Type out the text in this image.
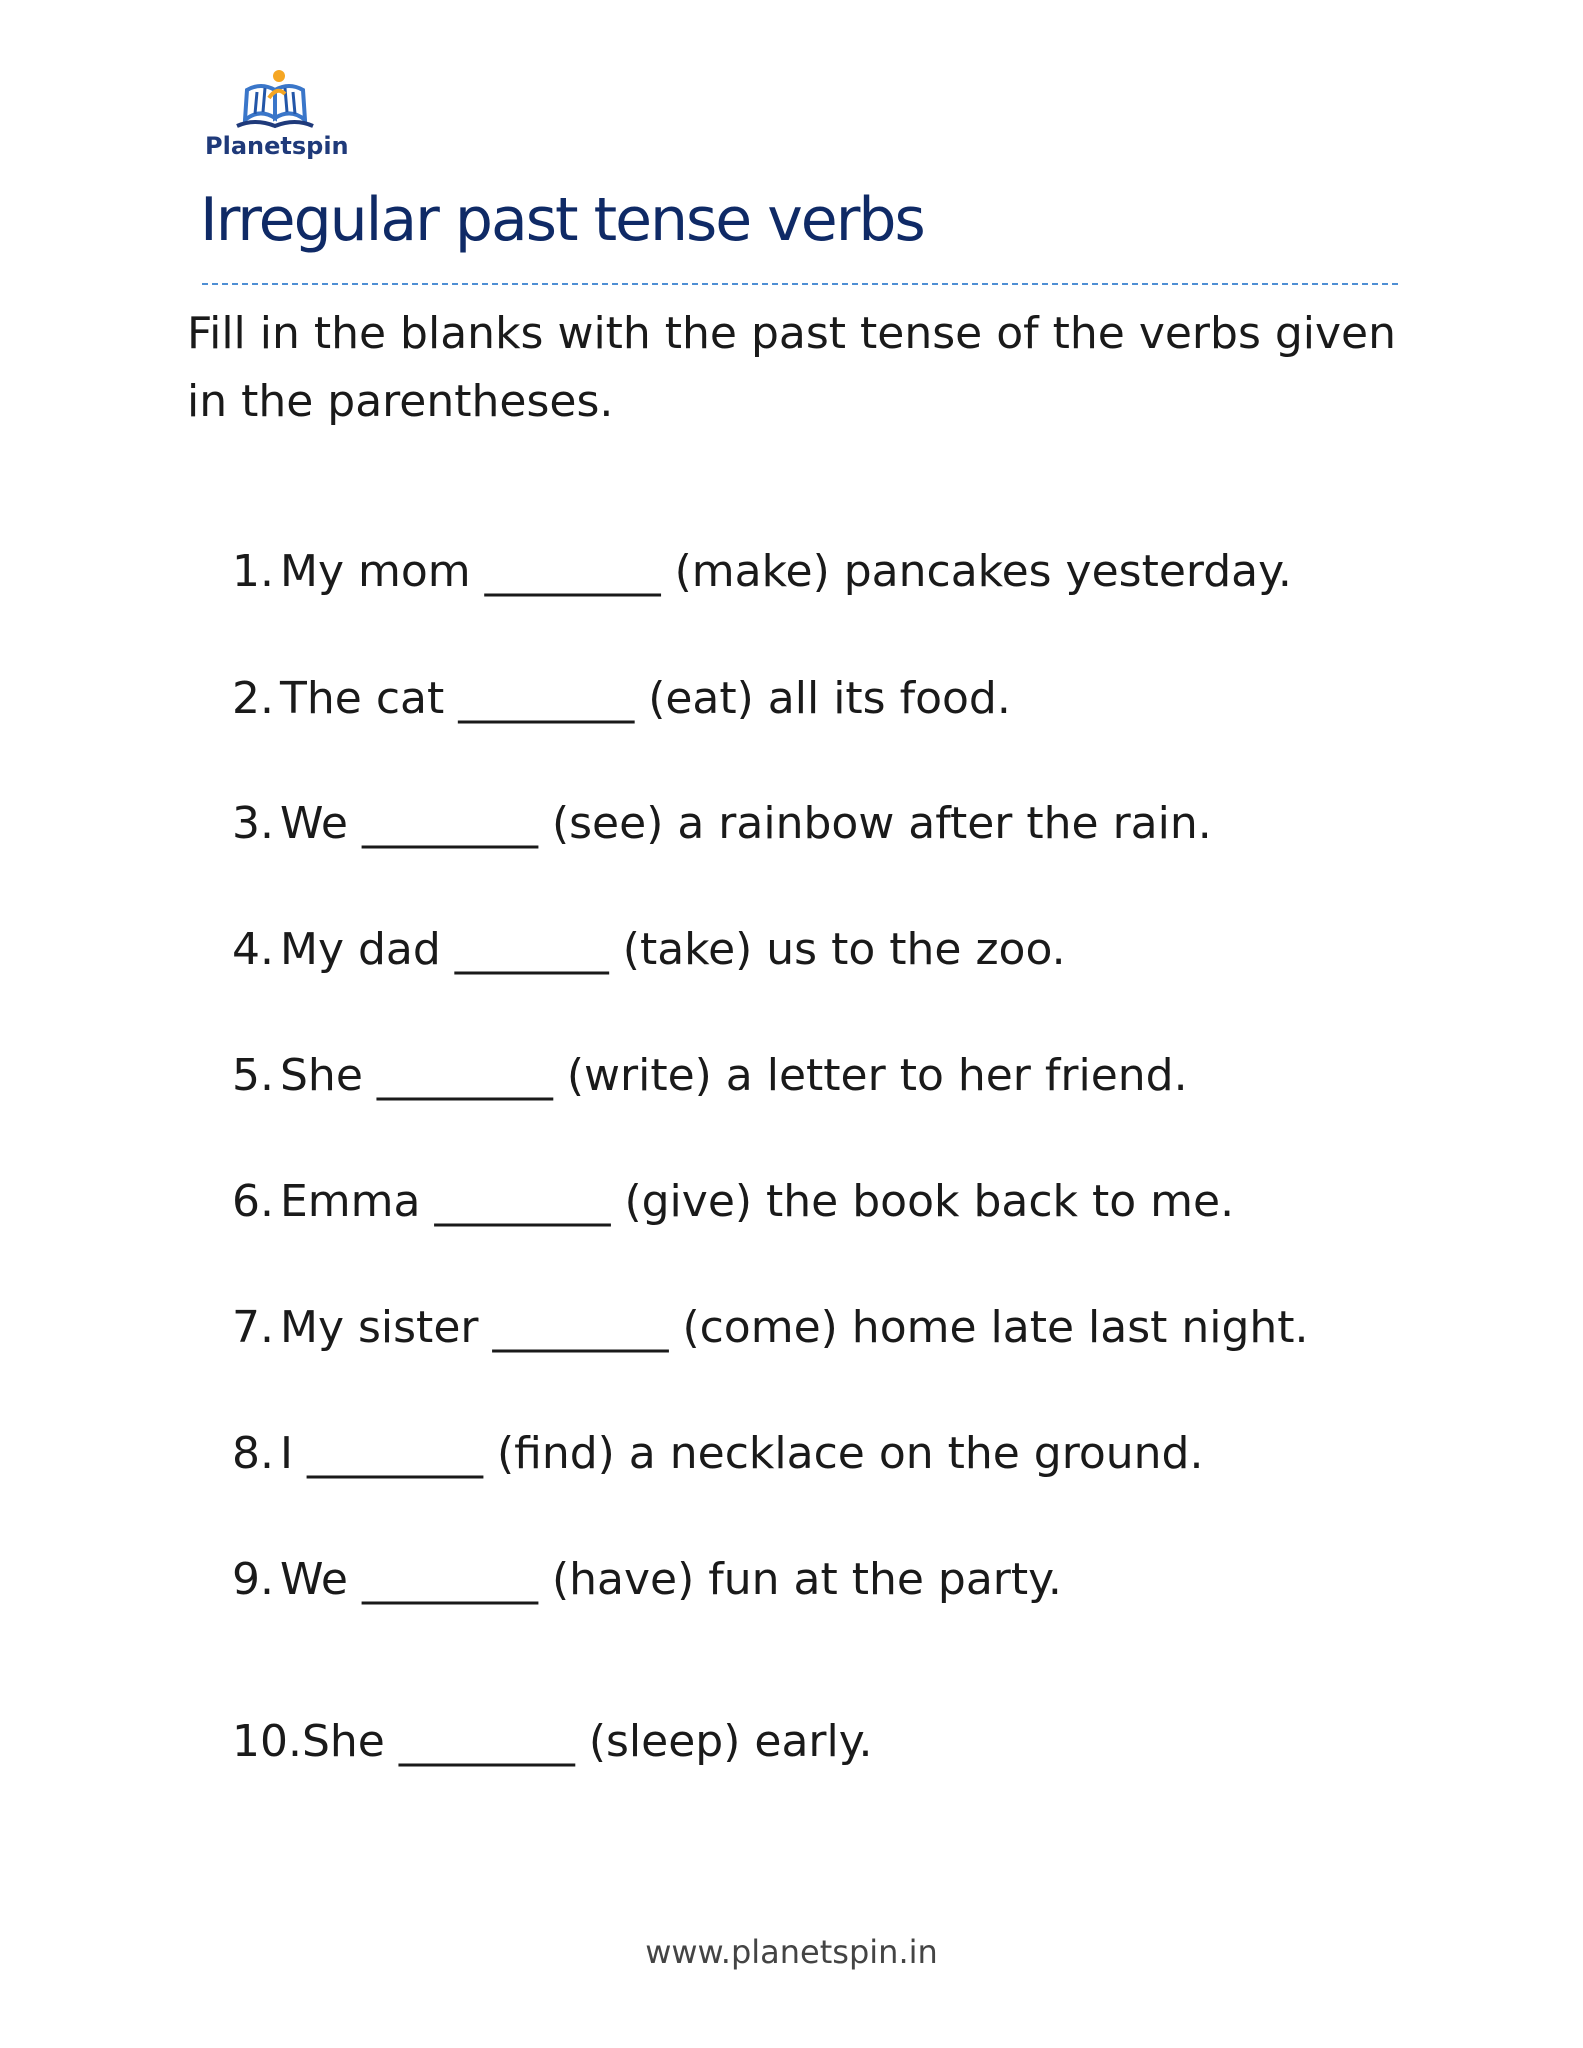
Planetspin
Irregular past tense verbs

Fill in the blanks with the past tense of the verbs given in the parentheses.

1. My mom ________ (make) pancakes yesterday.
2. The cat ________ (eat) all its food.
3. We ________ (see) a rainbow after the rain.
4. My dad _______ (take) us to the zoo.
5. She ________ (write) a letter to her friend.
6. Emma ________ (give) the book back to me.
7. My sister ________ (come) home late last night.
8. I ________ (find) a necklace on the ground.
9. We ________ (have) fun at the party.
10.She ________ (sleep) early.
www.planetspin.in
